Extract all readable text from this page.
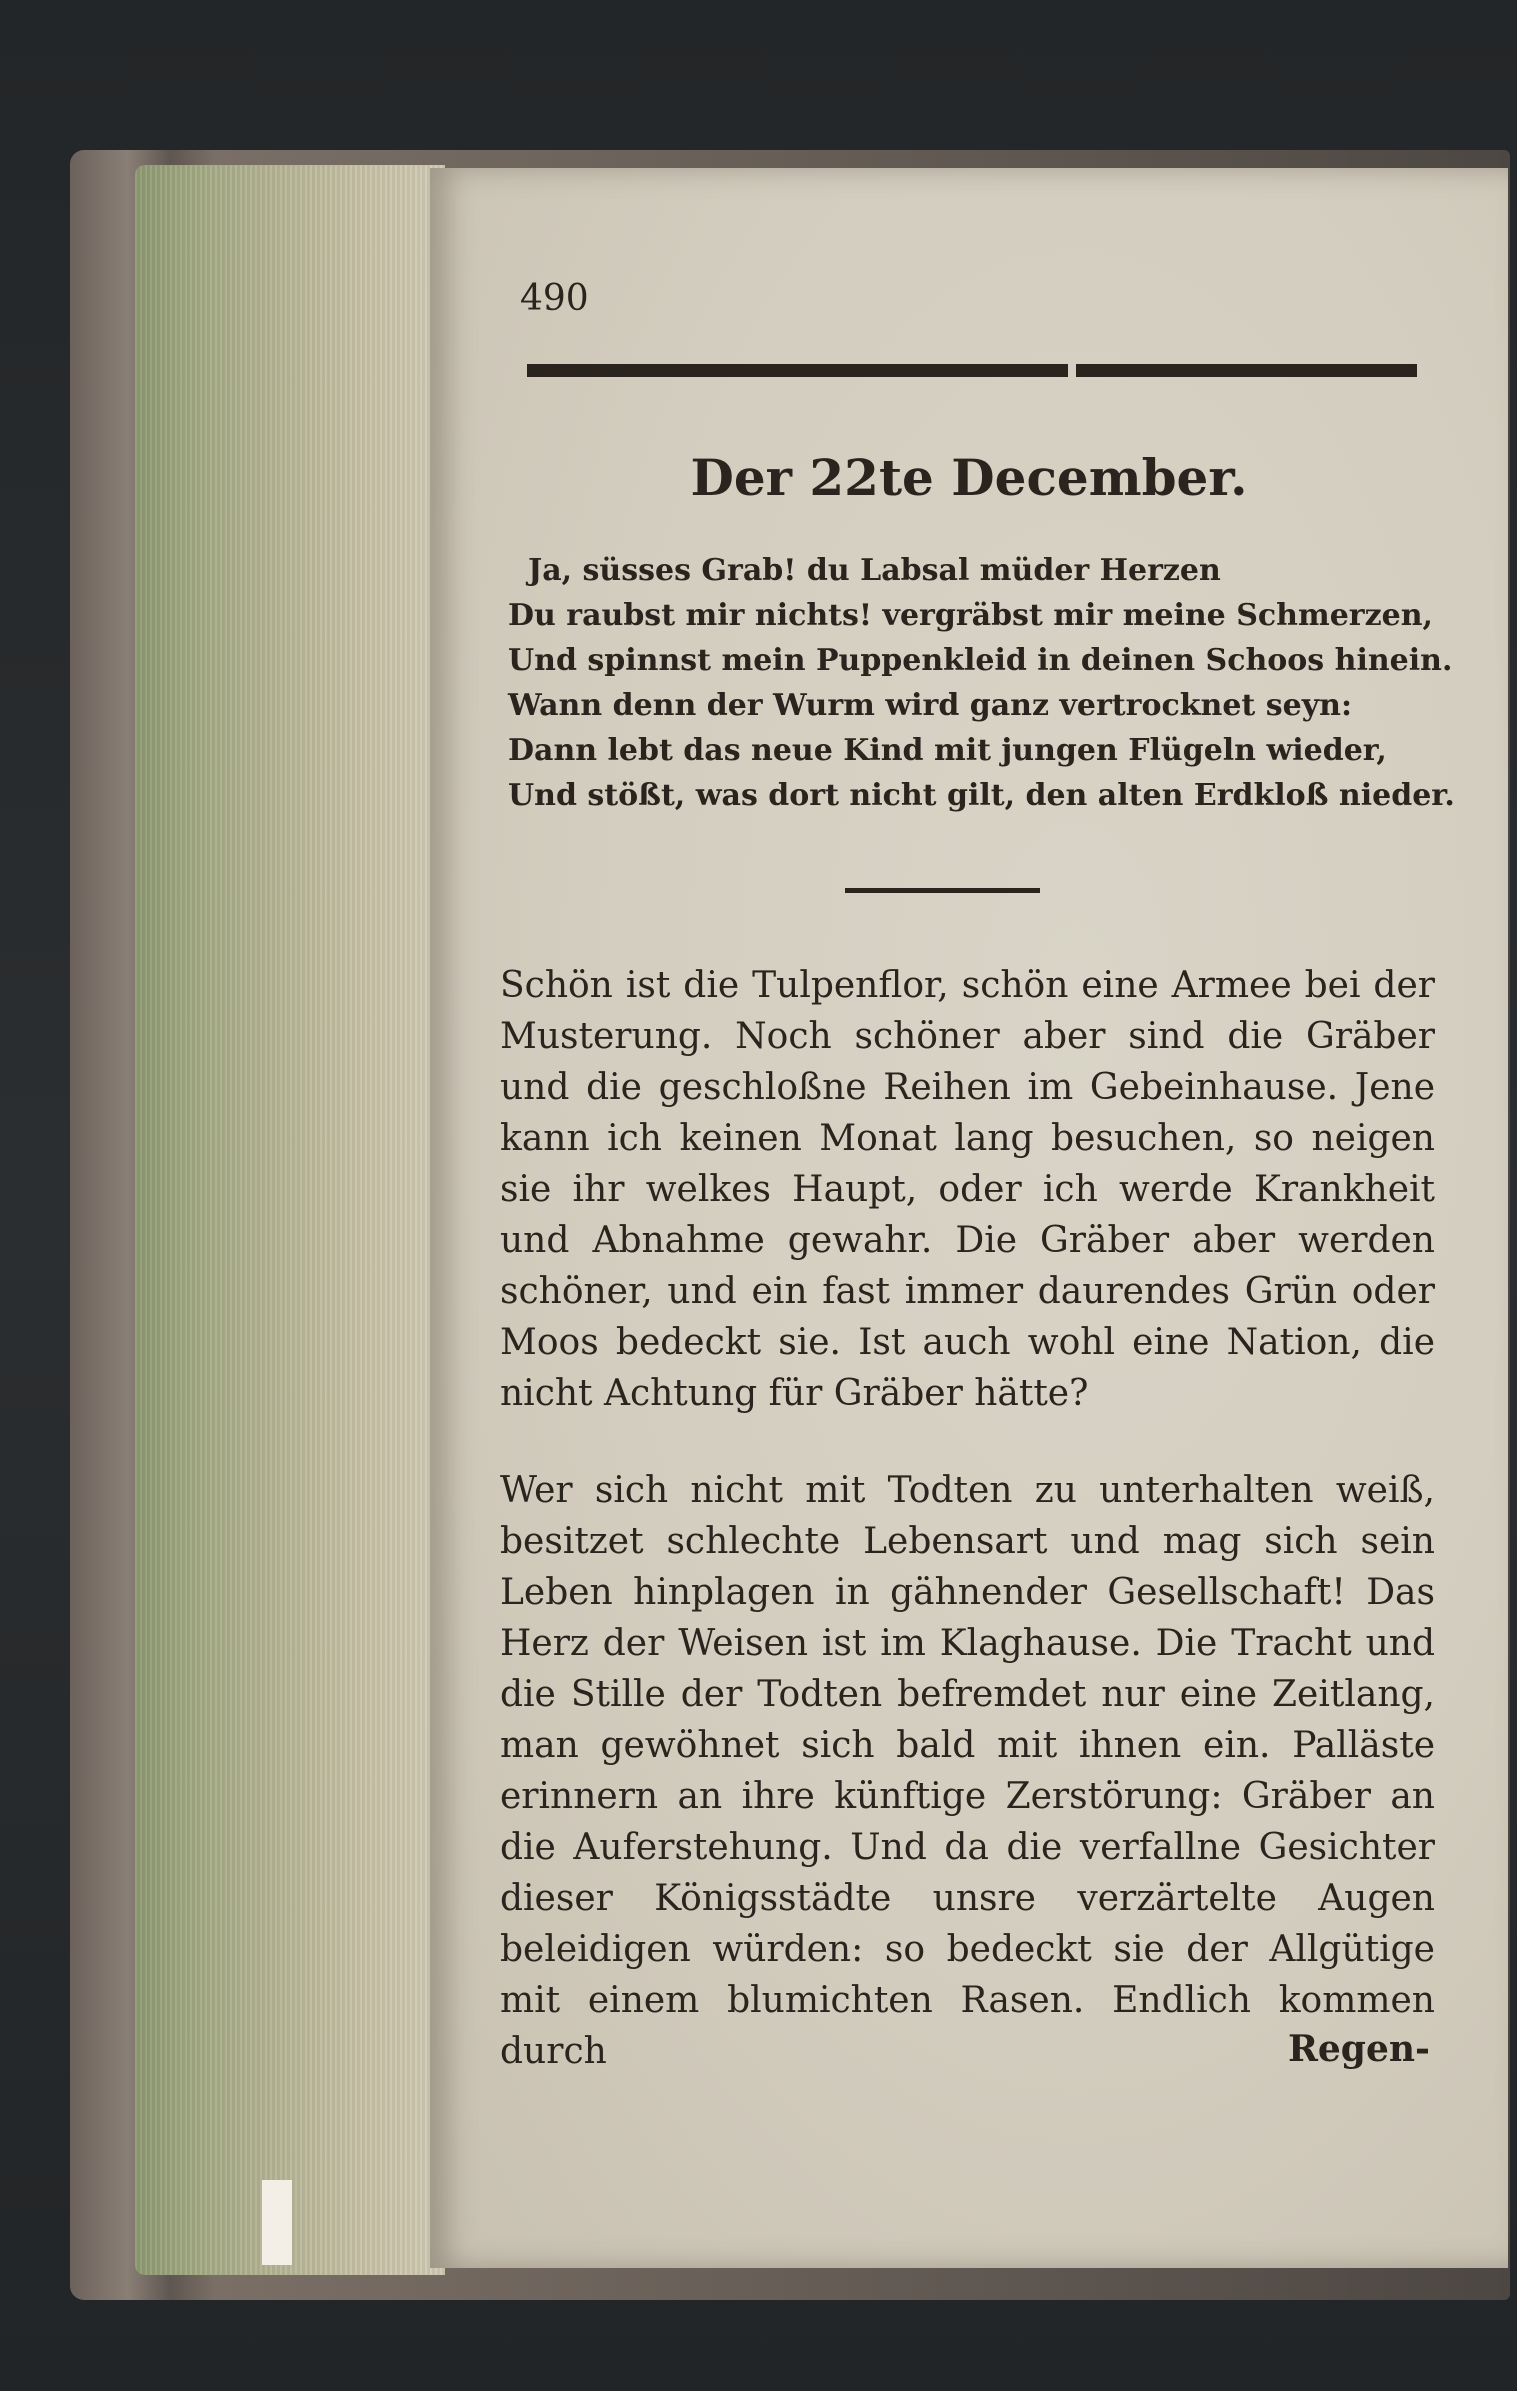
490

Der 22te December.
Ja, süsses Grab! du Labsal müder Herzen
Du raubst mir nichts! vergräbst mir meine Schmerzen,
Und spinnst mein Puppenkleid in deinen Schoos hinein.
Wann denn der Wurm wird ganz vertrocknet seyn:
Dann lebt das neue Kind mit jungen Flügeln wieder,
Und stößt, was dort nicht gilt, den alten Erdkloß nieder.

Schön ist die Tulpenflor, schön eine Armee bei der Musterung. Noch schöner aber sind die Gräber und die geschloßne Reihen im Gebeinhause. Jene kann ich keinen Monat lang besuchen, so neigen sie ihr welkes Haupt, oder ich werde Krankheit und Abnahme gewahr. Die Gräber aber werden schöner, und ein fast immer daurendes Grün oder Moos bedeckt sie. Ist auch wohl eine Nation, die nicht Achtung für Gräber hätte?

Wer sich nicht mit Todten zu unterhalten weiß, besitzet schlechte Lebensart und mag sich sein Leben hinplagen in gähnender Gesellschaft! Das Herz der Weisen ist im Klaghause. Die Tracht und die Stille der Todten befremdet nur eine Zeitlang, man gewöhnet sich bald mit ihnen ein. Palläste erinnern an ihre künftige Zerstörung: Gräber an die Auferstehung. Und da die verfallne Gesichter dieser Königsstädte unsre verzärtelte Augen beleidigen würden: so bedeckt sie der Allgütige mit einem blumichten Rasen. Endlich kommen durch	Regen-
